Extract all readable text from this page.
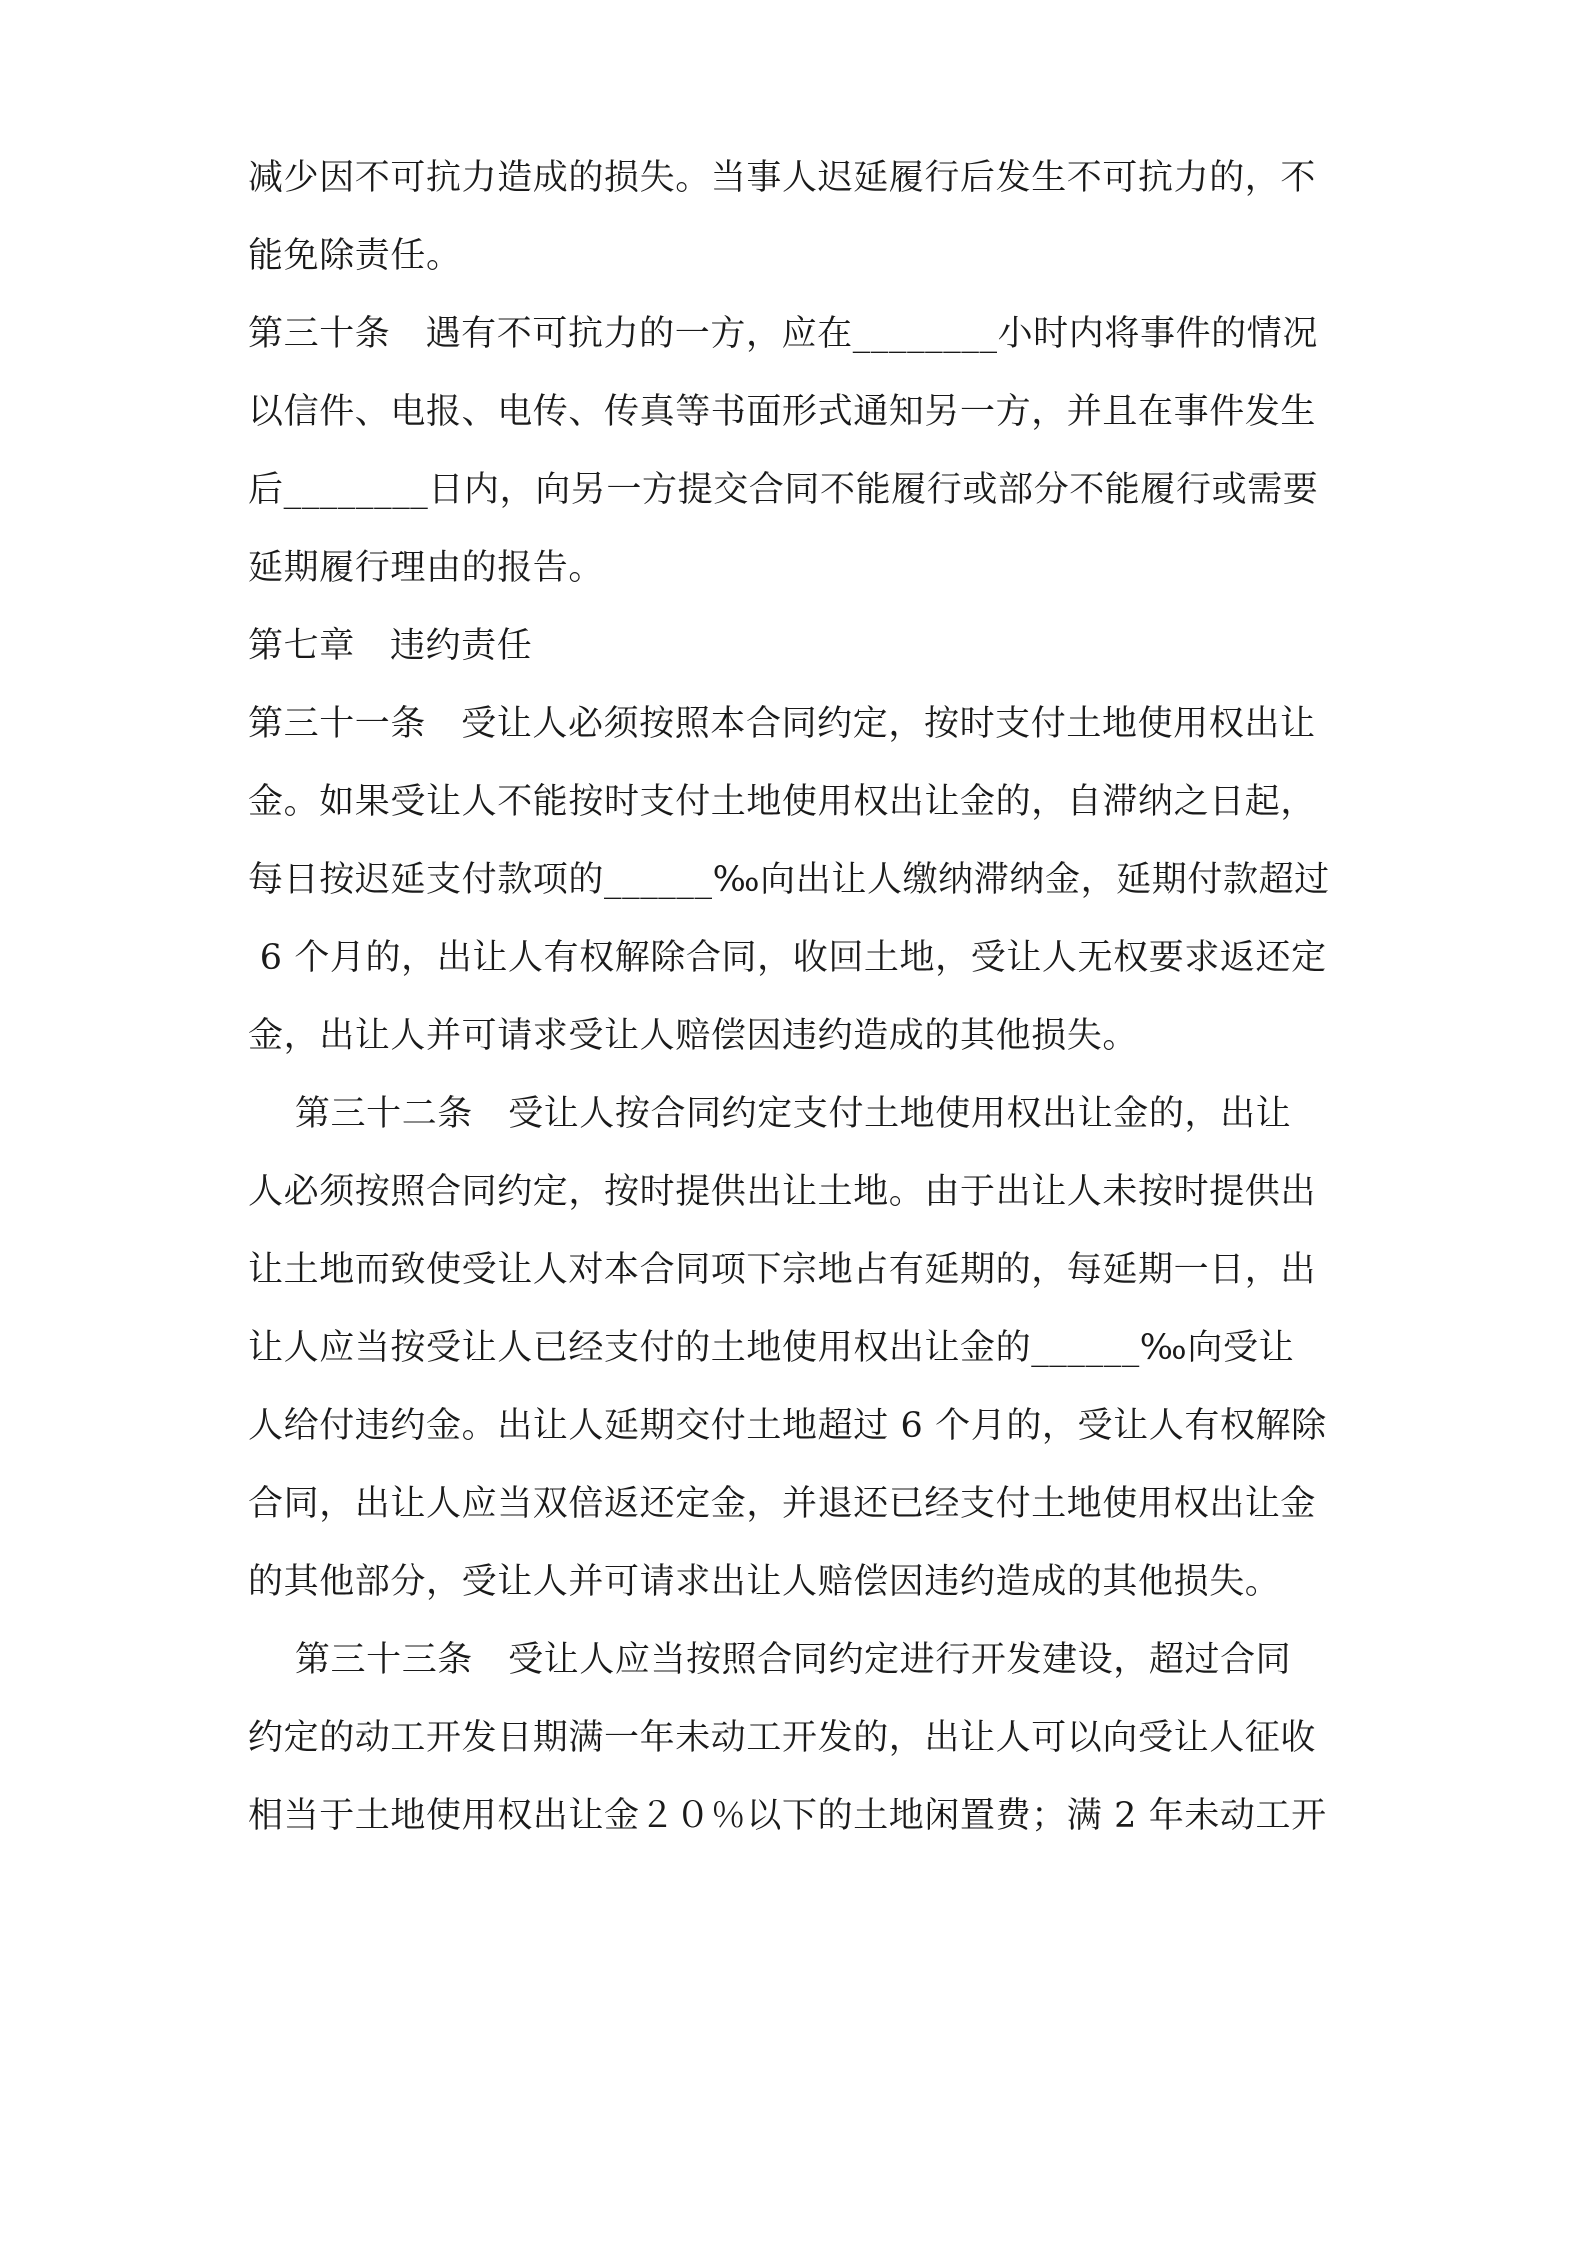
减少因不可抗力造成的损失。当事人迟延履行后发生不可抗力的，不

能免除责任。

第三十条   遇有不可抗力的一方，应在________小时内将事件的情况

以信件、电报、电传、传真等书面形式通知另一方，并且在事件发生

后________日内，向另一方提交合同不能履行或部分不能履行或需要

延期履行理由的报告。

第七章   违约责任

第三十一条   受让人必须按照本合同约定，按时支付土地使用权出让

金。如果受让人不能按时支付土地使用权出让金的，自滞纳之日起，

每日按迟延支付款项的______‰向出让人缴纳滞纳金，延期付款超过

6 个月的，出让人有权解除合同，收回土地，受让人无权要求返还定

金，出让人并可请求受让人赔偿因违约造成的其他损失。

第三十二条   受让人按合同约定支付土地使用权出让金的，出让

人必须按照合同约定，按时提供出让土地。由于出让人未按时提供出

让土地而致使受让人对本合同项下宗地占有延期的，每延期一日，出

让人应当按受让人已经支付的土地使用权出让金的______‰向受让

人给付违约金。出让人延期交付土地超过 6 个月的，受让人有权解除

合同，出让人应当双倍返还定金，并退还已经支付土地使用权出让金

的其他部分，受让人并可请求出让人赔偿因违约造成的其他损失。

第三十三条   受让人应当按照合同约定进行开发建设，超过合同

约定的动工开发日期满一年未动工开发的，出让人可以向受让人征收

相当于土地使用权出让金２０％以下的土地闲置费；满 2 年未动工开
